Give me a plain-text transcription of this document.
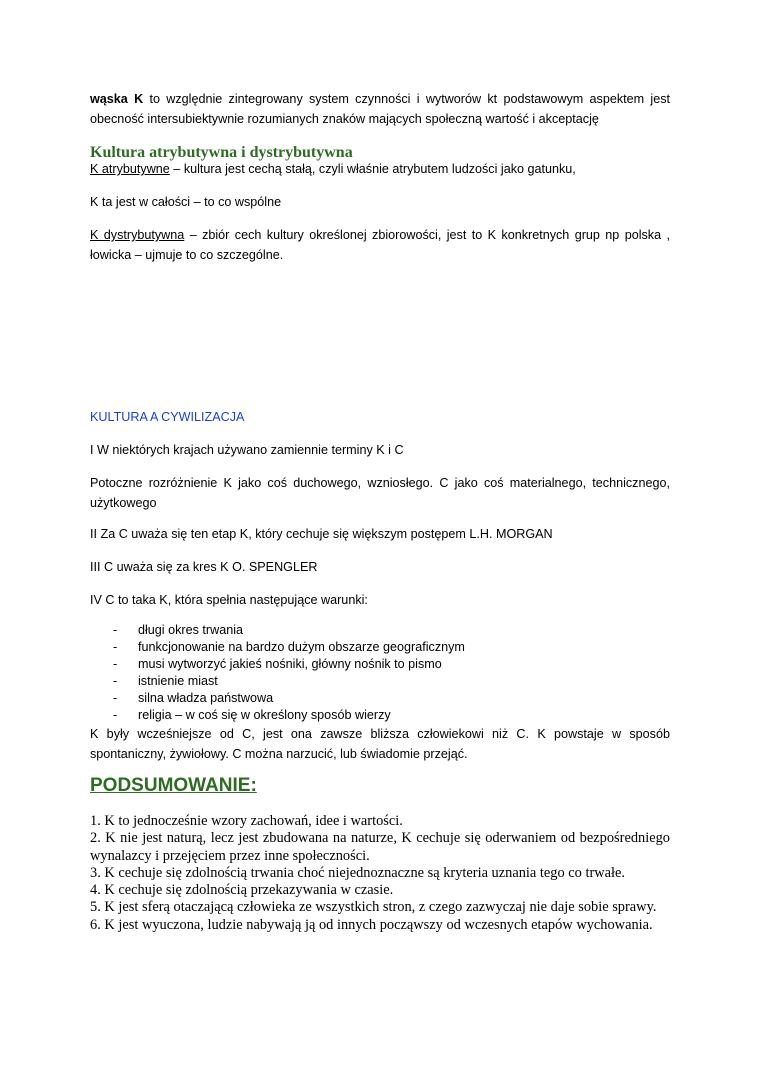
wąska K to względnie zintegrowany system czynności i wytworów kt podstawowym aspektem jest obecność intersubiektywnie rozumianych znaków mających społeczną wartość i akceptację

Kultura atrybutywna i dystrybutywna

K atrybutywne – kultura jest cechą stałą, czyli właśnie atrybutem ludzości jako gatunku,

K ta jest w całości – to co wspólne

K dystrybutywna – zbiór cech kultury określonej zbiorowości, jest to K konkretnych grup np polska , łowicka – ujmuje to co szczególne.

KULTURA A CYWILIZACJA

I W niektórych krajach używano zamiennie terminy K i C

Potoczne rozróżnienie K jako coś duchowego, wzniosłego. C jako coś materialnego, technicznego, użytkowego

II Za C uważa się ten etap K, który cechuje się większym postępem L.H. MORGAN

III C uważa się za kres K O. SPENGLER

IV C to taka K, która spełnia następujące warunki:

- długi okres trwania
- funkcjonowanie na bardzo dużym obszarze geograficznym
- musi wytworzyć jakieś nośniki, główny nośnik to pismo
- istnienie miast
- silna władza państwowa
- religia – w coś się w określony sposób wierzy

K były wcześniejsze od C, jest ona zawsze bliższa człowiekowi niż C. K powstaje w sposób spontaniczny, żywiołowy. C można narzucić, lub świadomie przejąć.

PODSUMOWANIE:
1. K to jednocześnie wzory zachowań, idee i wartości.
2. K nie jest naturą, lecz jest zbudowana na naturze, K cechuje się oderwaniem od bezpośredniego wynalazcy i przejęciem przez inne społeczności.
3. K cechuje się zdolnością trwania choć niejednoznaczne są kryteria uznania tego co trwałe.
4. K cechuje się zdolnością przekazywania w czasie.
5. K jest sferą otaczającą człowieka ze wszystkich stron, z czego zazwyczaj nie daje sobie sprawy.
6. K jest wyuczona, ludzie nabywają ją od innych począwszy od wczesnych etapów wychowania.
